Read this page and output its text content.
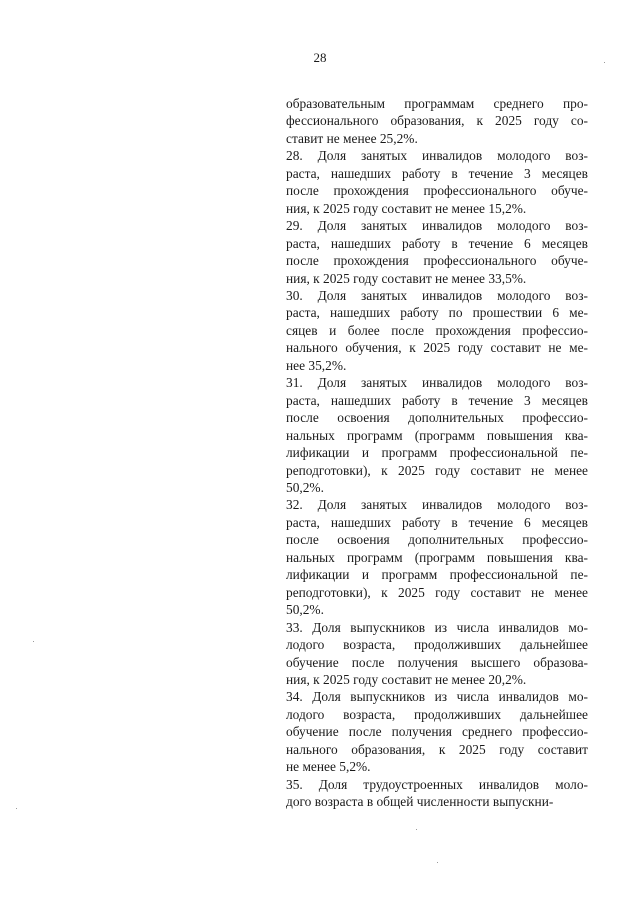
28

образовательным программам среднего про-
фессионального образования, к 2025 году со-
ставит не менее 25,2%.

28. Доля занятых инвалидов молодого воз-
раста, нашедших работу в течение 3 месяцев
после прохождения профессионального обуче-
ния, к 2025 году составит не менее 15,2%.

29. Доля занятых инвалидов молодого воз-
раста, нашедших работу в течение 6 месяцев
после прохождения профессионального обуче-
ния, к 2025 году составит не менее 33,5%.

30. Доля занятых инвалидов молодого воз-
раста, нашедших работу по прошествии 6 ме-
сяцев и более после прохождения профессио-
нального обучения, к 2025 году составит не ме-
нее 35,2%.

31. Доля занятых инвалидов молодого воз-
раста, нашедших работу в течение 3 месяцев
после освоения дополнительных профессио-
нальных программ (программ повышения ква-
лификации и программ профессиональной пе-
реподготовки), к 2025 году составит не менее
50,2%.

32. Доля занятых инвалидов молодого воз-
раста, нашедших работу в течение 6 месяцев
после освоения дополнительных профессио-
нальных программ (программ повышения ква-
лификации и программ профессиональной пе-
реподготовки), к 2025 году составит не менее
50,2%.

33. Доля выпускников из числа инвалидов мо-
лодого возраста, продолживших дальнейшее
обучение после получения высшего образова-
ния, к 2025 году составит не менее 20,2%.

34. Доля выпускников из числа инвалидов мо-
лодого возраста, продолживших дальнейшее
обучение после получения среднего профессио-
нального образования, к 2025 году составит
не менее 5,2%.

35. Доля трудоустроенных инвалидов моло-
дого возраста в общей численности выпускни-
